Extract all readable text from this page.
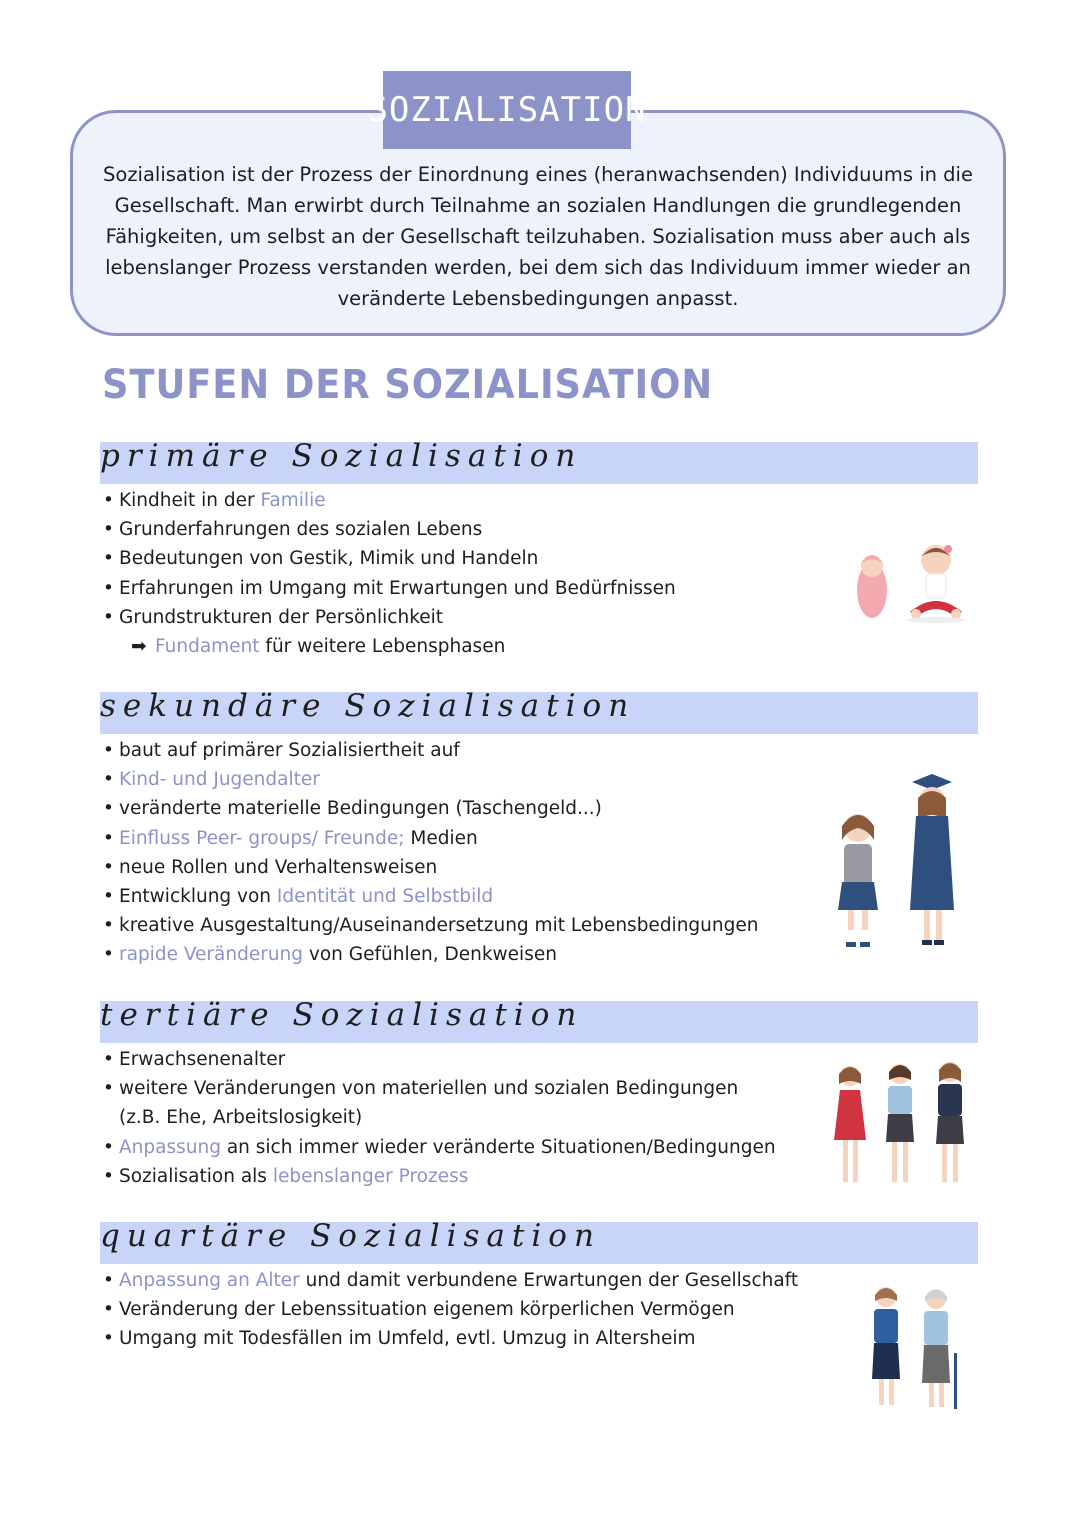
SOZIALISATION
Sozialisation ist der Prozess der Einordnung eines (heranwachsenden) Individuums in die Gesellschaft. Man erwirbt durch Teilnahme an sozialen Handlungen die grundlegenden Fähigkeiten, um selbst an der Gesellschaft teilzuhaben. Sozialisation muss aber auch als lebenslanger Prozess verstanden werden, bei dem sich das Individuum immer wieder an veränderte Lebensbedingungen anpasst.
STUFEN DER SOZIALISATION
primäre Sozialisation
• Kindheit in der Familie
• Grunderfahrungen des sozialen Lebens
• Bedeutungen von Gestik, Mimik und Handeln
• Erfahrungen im Umgang mit Erwartungen und Bedürfnissen
• Grundstrukturen der Persönlichkeit
➡ Fundament für weitere Lebensphasen
sekundäre Sozialisation
• baut auf primärer Sozialisiertheit auf
• Kind- und Jugendalter
• veränderte materielle Bedingungen (Taschengeld...)
• Einfluss Peer- groups/ Freunde; Medien
• neue Rollen und Verhaltensweisen
• Entwicklung von Identität und Selbstbild
• kreative Ausgestaltung/Auseinandersetzung mit Lebensbedingungen
• rapide Veränderung von Gefühlen, Denkweisen
tertiäre Sozialisation
• Erwachsenenalter
• weitere Veränderungen von materiellen und sozialen Bedingungen
(z.B. Ehe, Arbeitslosigkeit)
• Anpassung an sich immer wieder veränderte Situationen/Bedingungen
• Sozialisation als lebenslanger Prozess
quartäre Sozialisation
• Anpassung an Alter und damit verbundene Erwartungen der Gesellschaft
• Veränderung der Lebenssituation eigenem körperlichen Vermögen
• Umgang mit Todesfällen im Umfeld, evtl. Umzug in Altersheim
